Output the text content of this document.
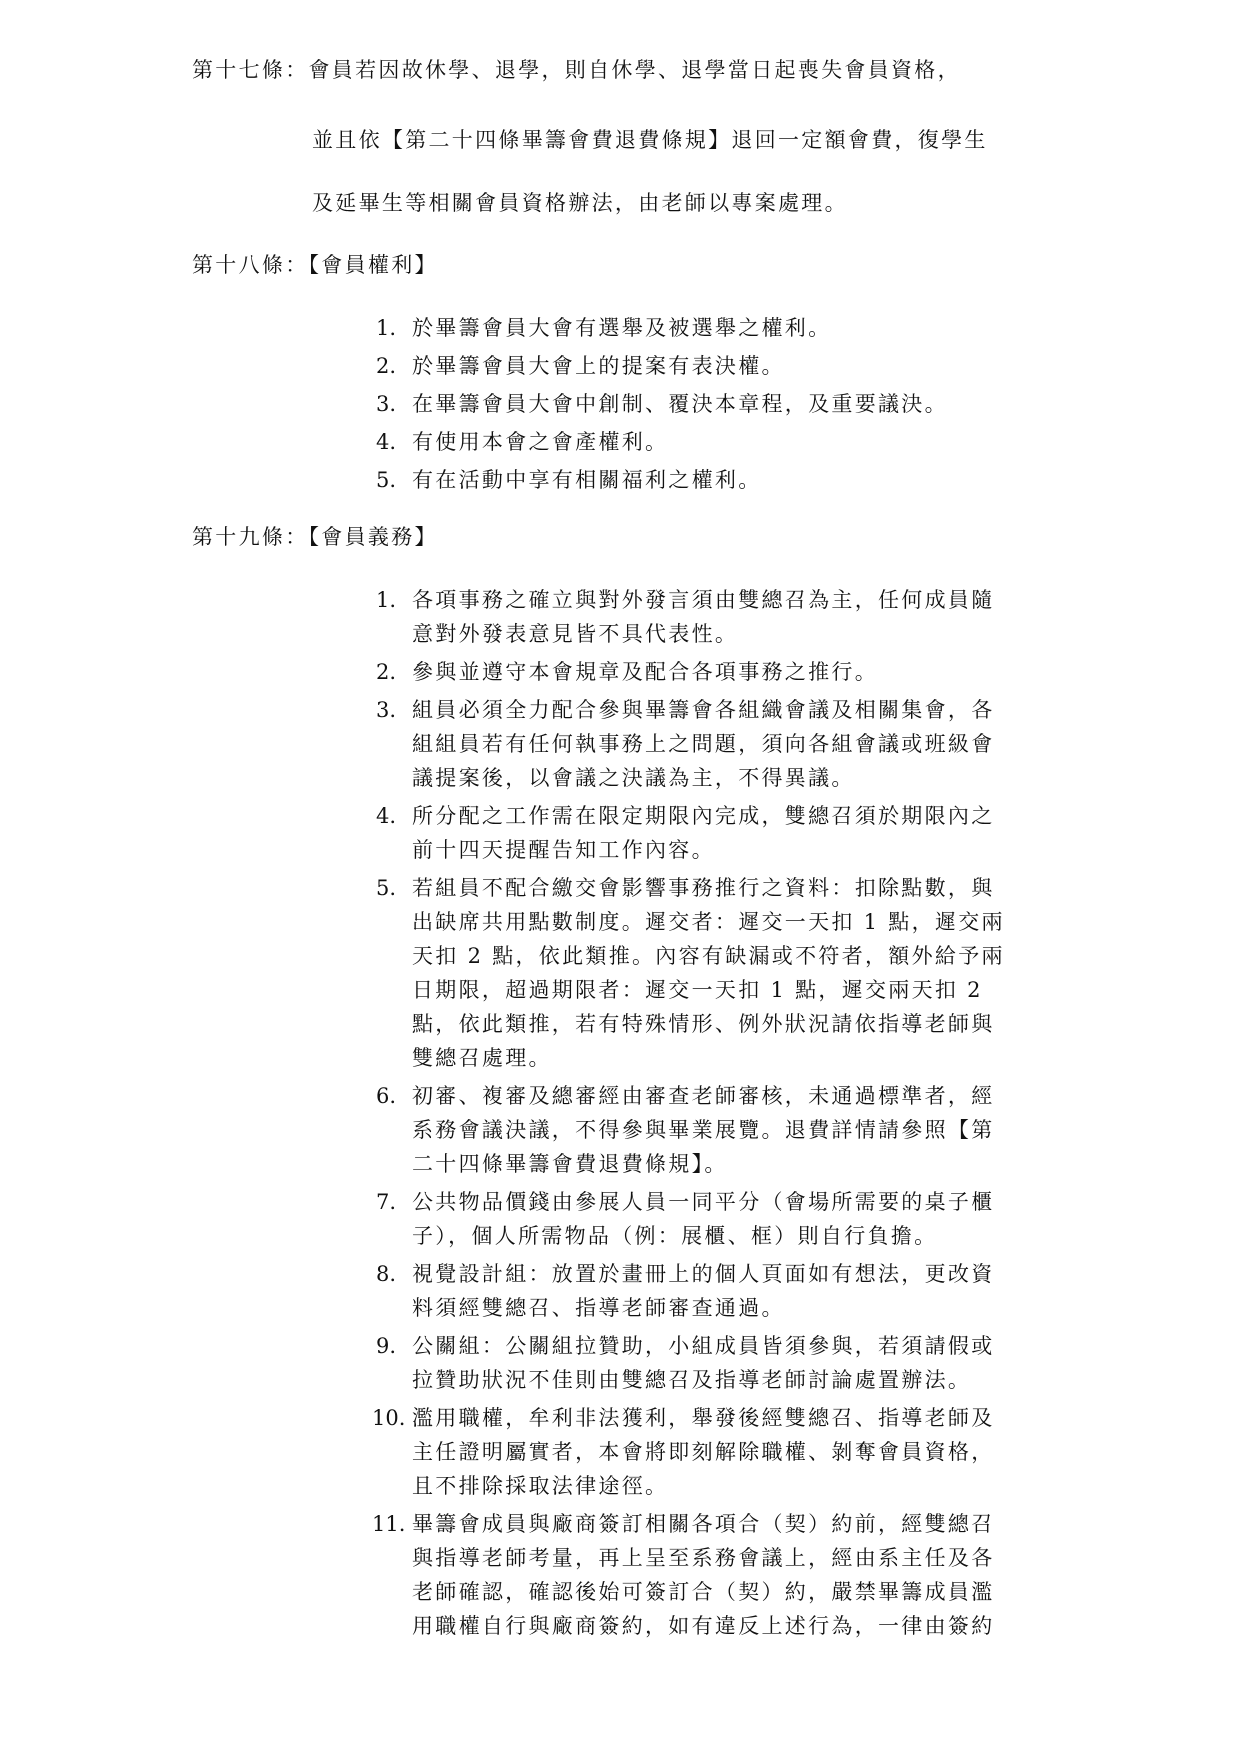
第十七條：會員若因故休學、退學，則自休學、退學當日起喪失會員資格，
並且依【第二十四條畢籌會費退費條規】退回一定額會費，復學生
及延畢生等相關會員資格辦法，由老師以專案處理。
第十八條：【會員權利】
1. 於畢籌會員大會有選舉及被選舉之權利。
2. 於畢籌會員大會上的提案有表決權。
3. 在畢籌會員大會中創制、覆決本章程，及重要議決。
4. 有使用本會之會產權利。
5. 有在活動中享有相關福利之權利。
第十九條：【會員義務】
1. 各項事務之確立與對外發言須由雙總召為主，任何成員隨
意對外發表意見皆不具代表性。
2. 參與並遵守本會規章及配合各項事務之推行。
3. 組員必須全力配合參與畢籌會各組織會議及相關集會，各
組組員若有任何執事務上之問題，須向各組會議或班級會
議提案後，以會議之決議為主，不得異議。
4. 所分配之工作需在限定期限內完成，雙總召須於期限內之
前十四天提醒告知工作內容。
5. 若組員不配合繳交會影響事務推行之資料：扣除點數，與
出缺席共用點數制度。遲交者：遲交一天扣 1 點，遲交兩
天扣 2 點，依此類推。內容有缺漏或不符者，額外給予兩
日期限，超過期限者：遲交一天扣 1 點，遲交兩天扣 2
點，依此類推，若有特殊情形、例外狀況請依指導老師與
雙總召處理。
6. 初審、複審及總審經由審查老師審核，未通過標準者，經
系務會議決議，不得參與畢業展覽。退費詳情請參照【第
二十四條畢籌會費退費條規】。
7. 公共物品價錢由參展人員一同平分（會場所需要的桌子櫃
子），個人所需物品（例：展櫃、框）則自行負擔。
8. 視覺設計組：放置於畫冊上的個人頁面如有想法，更改資
料須經雙總召、指導老師審查通過。
9. 公關組：公關組拉贊助，小組成員皆須參與，若須請假或
拉贊助狀況不佳則由雙總召及指導老師討論處置辦法。
10. 濫用職權，牟利非法獲利，舉發後經雙總召、指導老師及
主任證明屬實者，本會將即刻解除職權、剝奪會員資格，
且不排除採取法律途徑。
11. 畢籌會成員與廠商簽訂相關各項合（契）約前，經雙總召
與指導老師考量，再上呈至系務會議上，經由系主任及各
老師確認，確認後始可簽訂合（契）約，嚴禁畢籌成員濫
用職權自行與廠商簽約，如有違反上述行為，一律由簽約
